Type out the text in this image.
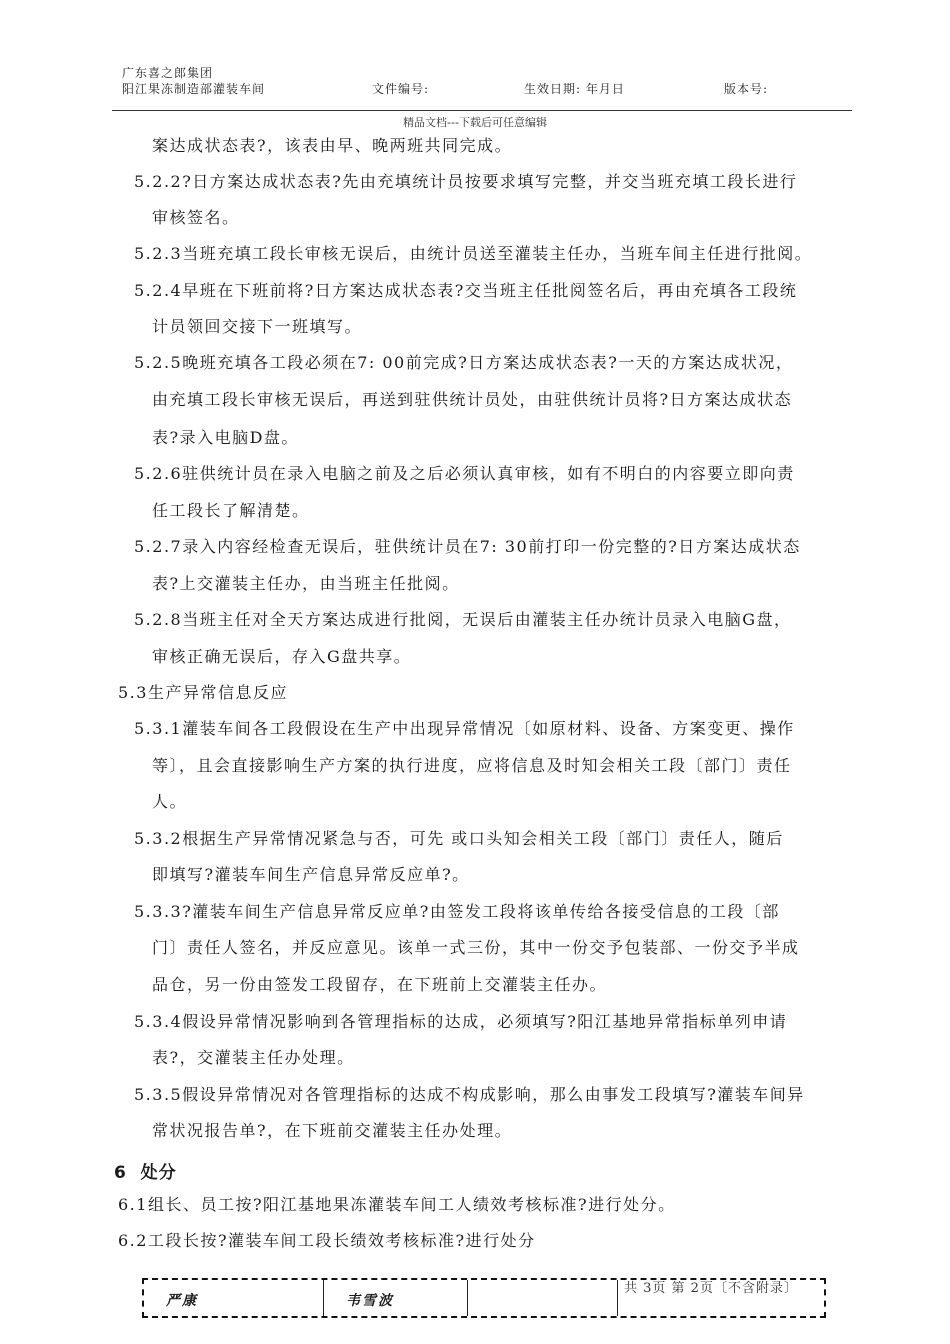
广东喜之郎集团
阳江果冻制造部灌装车间	文件编号:	生效日期: 年月日	版本号:
精品文档---下载后可任意编辑
案达成状态表?，该表由早、晚两班共同完成。
5.2.2?日方案达成状态表?先由充填统计员按要求填写完整，并交当班充填工段长进行
审核签名。
5.2.3当班充填工段长审核无误后，由统计员送至灌装主任办，当班车间主任进行批阅。
5.2.4早班在下班前将?日方案达成状态表?交当班主任批阅签名后，再由充填各工段统
计员领回交接下一班填写。
5.2.5晚班充填各工段必须在7: 00前完成?日方案达成状态表?一天的方案达成状况，
由充填工段长审核无误后，再送到驻供统计员处，由驻供统计员将?日方案达成状态
表?录入电脑D盘。
5.2.6驻供统计员在录入电脑之前及之后必须认真审核，如有不明白的内容要立即向责
任工段长了解清楚。
5.2.7录入内容经检查无误后，驻供统计员在7: 30前打印一份完整的?日方案达成状态
表?上交灌装主任办，由当班主任批阅。
5.2.8当班主任对全天方案达成进行批阅，无误后由灌装主任办统计员录入电脑G盘，
审核正确无误后，存入G盘共享。
5.3生产异常信息反应
5.3.1灌装车间各工段假设在生产中出现异常情况〔如原材料、设备、方案变更、操作
等〕，且会直接影响生产方案的执行进度，应将信息及时知会相关工段〔部门〕责任
人。
5.3.2根据生产异常情况紧急与否，可先 或口头知会相关工段〔部门〕责任人，随后
即填写?灌装车间生产信息异常反应单?。
5.3.3?灌装车间生产信息异常反应单?由签发工段将该单传给各接受信息的工段〔部
门〕责任人签名，并反应意见。该单一式三份，其中一份交予包装部、一份交予半成
品仓，另一份由签发工段留存，在下班前上交灌装主任办。
5.3.4假设异常情况影响到各管理指标的达成，必须填写?阳江基地异常指标单列申请
表?，交灌装主任办处理。
5.3.5假设异常情况对各管理指标的达成不构成影响，那么由事发工段填写?灌装车间异
常状况报告单?，在下班前交灌装主任办处理。
6  处分
6.1组长、员工按?阳江基地果冻灌装车间工人绩效考核标准?进行处分。
6.2工段长按?灌装车间工段长绩效考核标准?进行处分
严康	韦雪波
共 3页 第 2页〔不含附录〕
